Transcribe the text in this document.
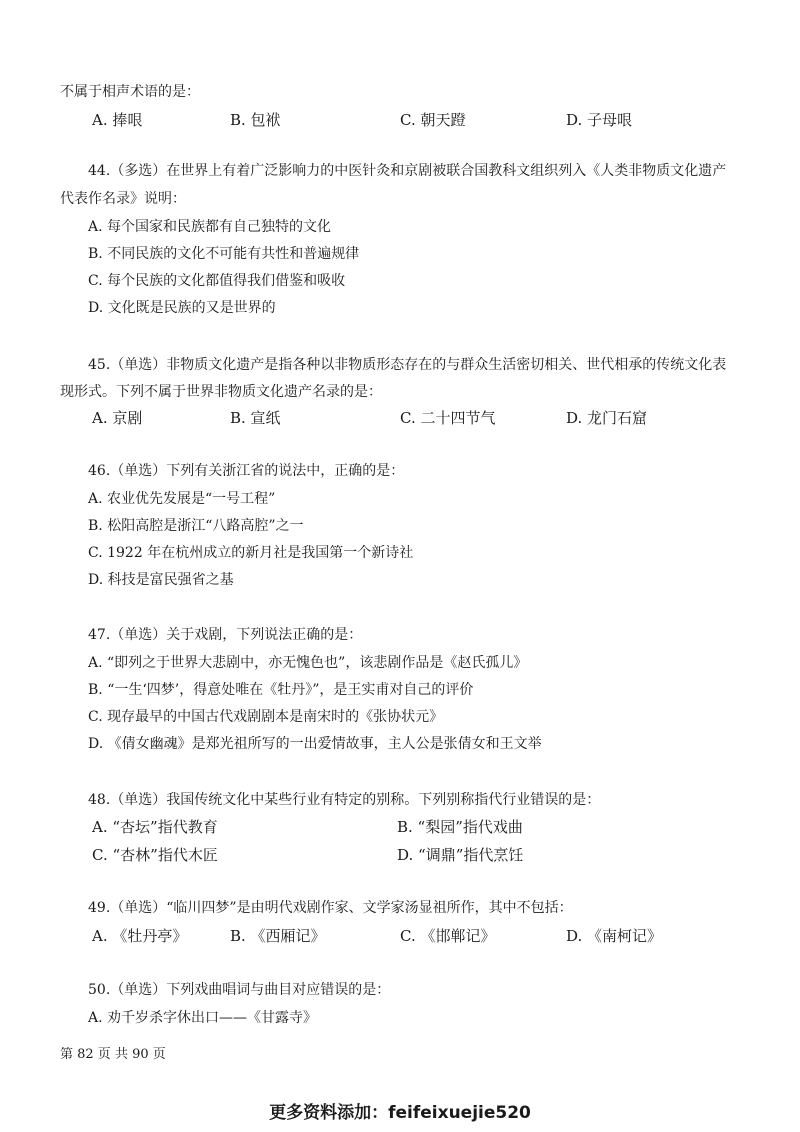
不属于相声术语的是：
A. 捧哏	B. 包袱	C. 朝天蹬	D. 子母哏
44.（多选）在世界上有着广泛影响力的中医针灸和京剧被联合国教科文组织列入《人类非物质文化遗产
代表作名录》说明：
A. 每个国家和民族都有自己独特的文化
B. 不同民族的文化不可能有共性和普遍规律
C. 每个民族的文化都值得我们借鉴和吸收
D. 文化既是民族的又是世界的
45.（单选）非物质文化遗产是指各种以非物质形态存在的与群众生活密切相关、世代相承的传统文化表
现形式。下列不属于世界非物质文化遗产名录的是：
A. 京剧	B. 宣纸	C. 二十四节气	D. 龙门石窟
46.（单选）下列有关浙江省的说法中，正确的是：
A. 农业优先发展是“一号工程”
B. 松阳高腔是浙江“八路高腔”之一
C. 1922 年在杭州成立的新月社是我国第一个新诗社
D. 科技是富民强省之基
47.（单选）关于戏剧，下列说法正确的是：
A. “即列之于世界大悲剧中，亦无愧色也”，该悲剧作品是《赵氏孤儿》
B. “一生‘四梦’，得意处唯在《牡丹》”，是王实甫对自己的评价
C. 现存最早的中国古代戏剧剧本是南宋时的《张协状元》
D. 《倩女幽魂》是郑光祖所写的一出爱情故事，主人公是张倩女和王文举
48.（单选）我国传统文化中某些行业有特定的别称。下列别称指代行业错误的是：
A. “杏坛”指代教育	B. “梨园”指代戏曲
C. “杏林”指代木匠	D. “调鼎”指代烹饪
49.（单选）“临川四梦”是由明代戏剧作家、文学家汤显祖所作，其中不包括：
A. 《牡丹亭》	B. 《西厢记》	C. 《邯郸记》	D. 《南柯记》
50.（单选）下列戏曲唱词与曲目对应错误的是：
A. 劝千岁杀字休出口——《甘露寺》
第 82 页 共 90 页
更多资料添加：feifeixuejie520
